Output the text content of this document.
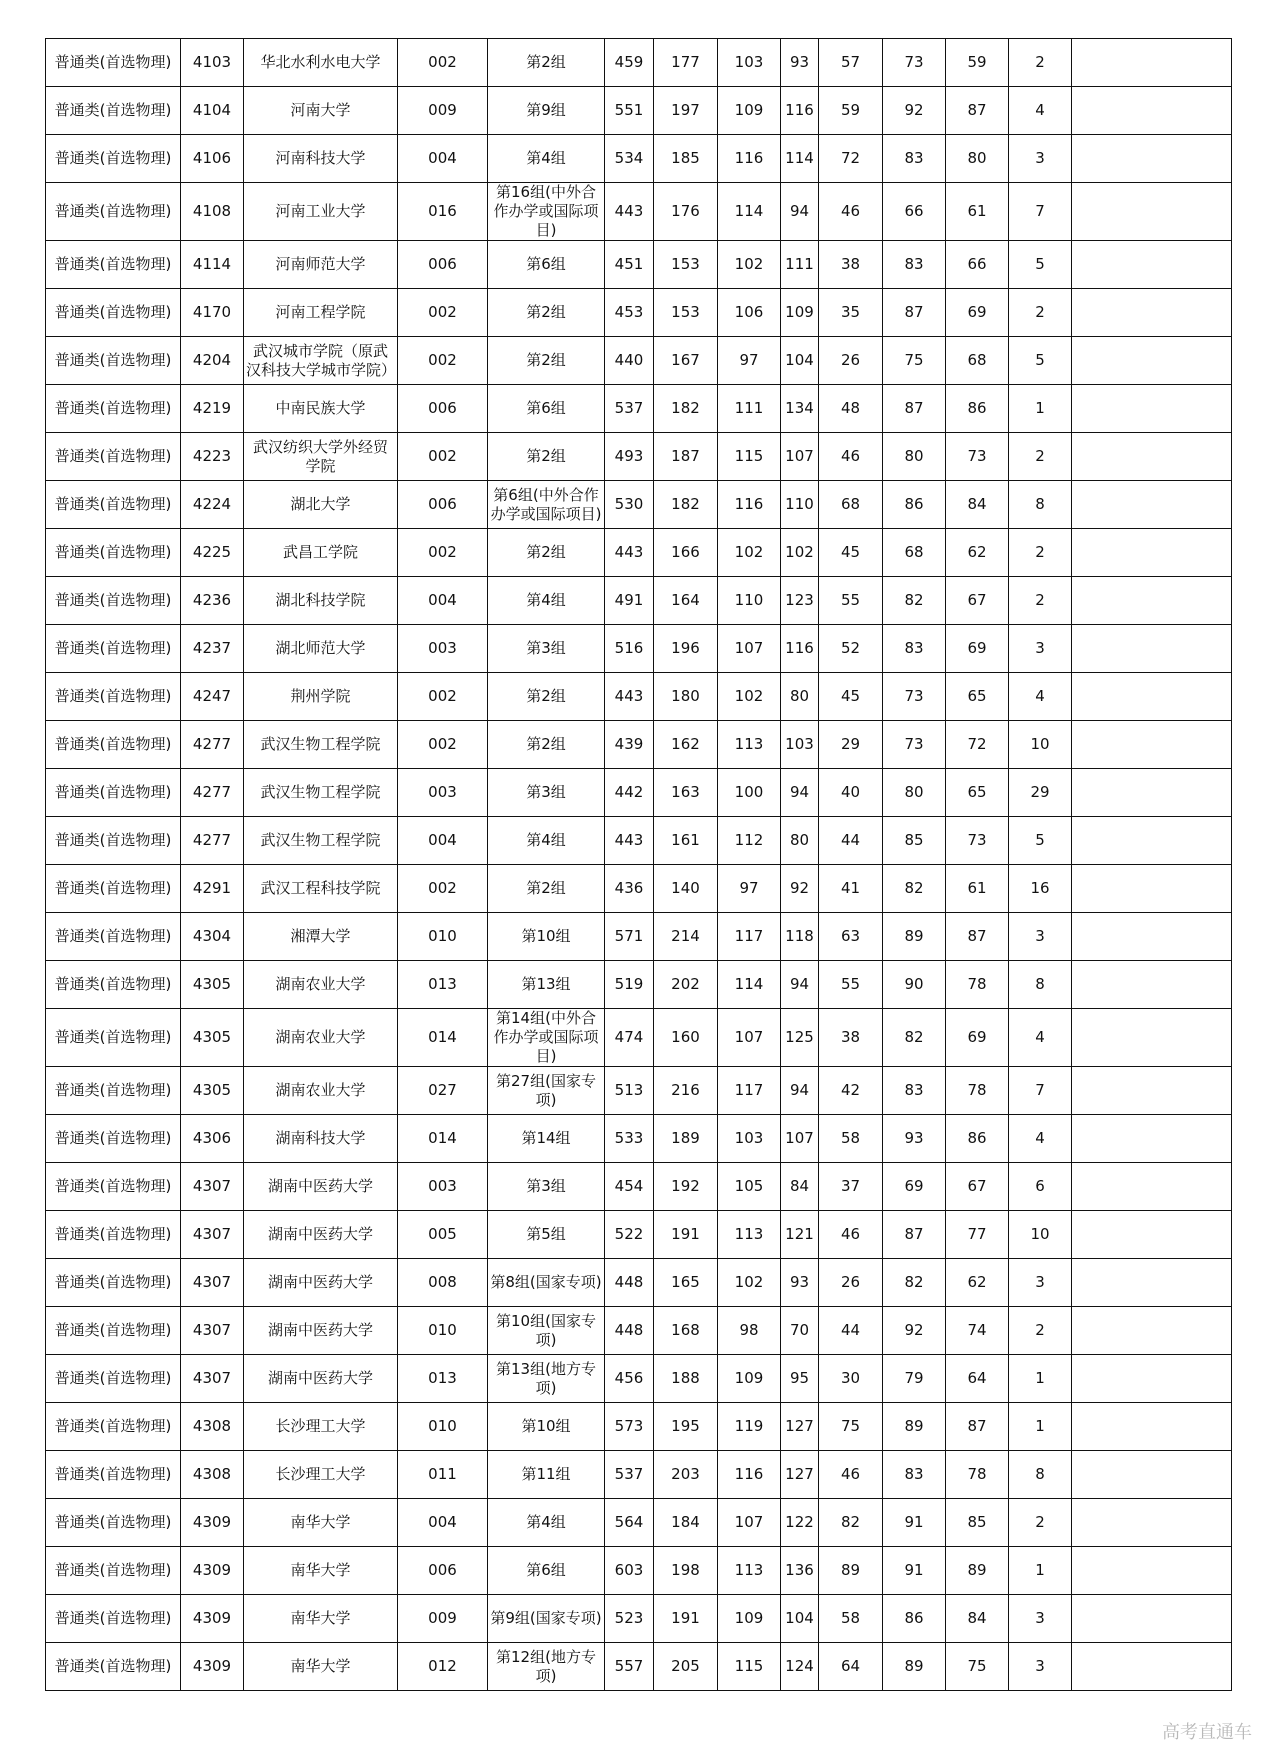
普通类(首选物理)	4103	华北水利水电大学	002	第2组	459	177	103	93	57	73	59	2	
普通类(首选物理)	4104	河南大学	009	第9组	551	197	109	116	59	92	87	4	
普通类(首选物理)	4106	河南科技大学	004	第4组	534	185	116	114	72	83	80	3	
普通类(首选物理)	4108	河南工业大学	016	第16组(中外合作办学或国际项目)	443	176	114	94	46	66	61	7	
普通类(首选物理)	4114	河南师范大学	006	第6组	451	153	102	111	38	83	66	5	
普通类(首选物理)	4170	河南工程学院	002	第2组	453	153	106	109	35	87	69	2	
普通类(首选物理)	4204	武汉城市学院（原武汉科技大学城市学院）	002	第2组	440	167	97	104	26	75	68	5	
普通类(首选物理)	4219	中南民族大学	006	第6组	537	182	111	134	48	87	86	1	
普通类(首选物理)	4223	武汉纺织大学外经贸学院	002	第2组	493	187	115	107	46	80	73	2	
普通类(首选物理)	4224	湖北大学	006	第6组(中外合作办学或国际项目)	530	182	116	110	68	86	84	8	
普通类(首选物理)	4225	武昌工学院	002	第2组	443	166	102	102	45	68	62	2	
普通类(首选物理)	4236	湖北科技学院	004	第4组	491	164	110	123	55	82	67	2	
普通类(首选物理)	4237	湖北师范大学	003	第3组	516	196	107	116	52	83	69	3	
普通类(首选物理)	4247	荆州学院	002	第2组	443	180	102	80	45	73	65	4	
普通类(首选物理)	4277	武汉生物工程学院	002	第2组	439	162	113	103	29	73	72	10	
普通类(首选物理)	4277	武汉生物工程学院	003	第3组	442	163	100	94	40	80	65	29	
普通类(首选物理)	4277	武汉生物工程学院	004	第4组	443	161	112	80	44	85	73	5	
普通类(首选物理)	4291	武汉工程科技学院	002	第2组	436	140	97	92	41	82	61	16	
普通类(首选物理)	4304	湘潭大学	010	第10组	571	214	117	118	63	89	87	3	
普通类(首选物理)	4305	湖南农业大学	013	第13组	519	202	114	94	55	90	78	8	
普通类(首选物理)	4305	湖南农业大学	014	第14组(中外合作办学或国际项目)	474	160	107	125	38	82	69	4	
普通类(首选物理)	4305	湖南农业大学	027	第27组(国家专项)	513	216	117	94	42	83	78	7	
普通类(首选物理)	4306	湖南科技大学	014	第14组	533	189	103	107	58	93	86	4	
普通类(首选物理)	4307	湖南中医药大学	003	第3组	454	192	105	84	37	69	67	6	
普通类(首选物理)	4307	湖南中医药大学	005	第5组	522	191	113	121	46	87	77	10	
普通类(首选物理)	4307	湖南中医药大学	008	第8组(国家专项)	448	165	102	93	26	82	62	3	
普通类(首选物理)	4307	湖南中医药大学	010	第10组(国家专项)	448	168	98	70	44	92	74	2	
普通类(首选物理)	4307	湖南中医药大学	013	第13组(地方专项)	456	188	109	95	30	79	64	1	
普通类(首选物理)	4308	长沙理工大学	010	第10组	573	195	119	127	75	89	87	1	
普通类(首选物理)	4308	长沙理工大学	011	第11组	537	203	116	127	46	83	78	8	
普通类(首选物理)	4309	南华大学	004	第4组	564	184	107	122	82	91	85	2	
普通类(首选物理)	4309	南华大学	006	第6组	603	198	113	136	89	91	89	1	
普通类(首选物理)	4309	南华大学	009	第9组(国家专项)	523	191	109	104	58	86	84	3	
普通类(首选物理)	4309	南华大学	012	第12组(地方专项)	557	205	115	124	64	89	75	3	
高考直通车
